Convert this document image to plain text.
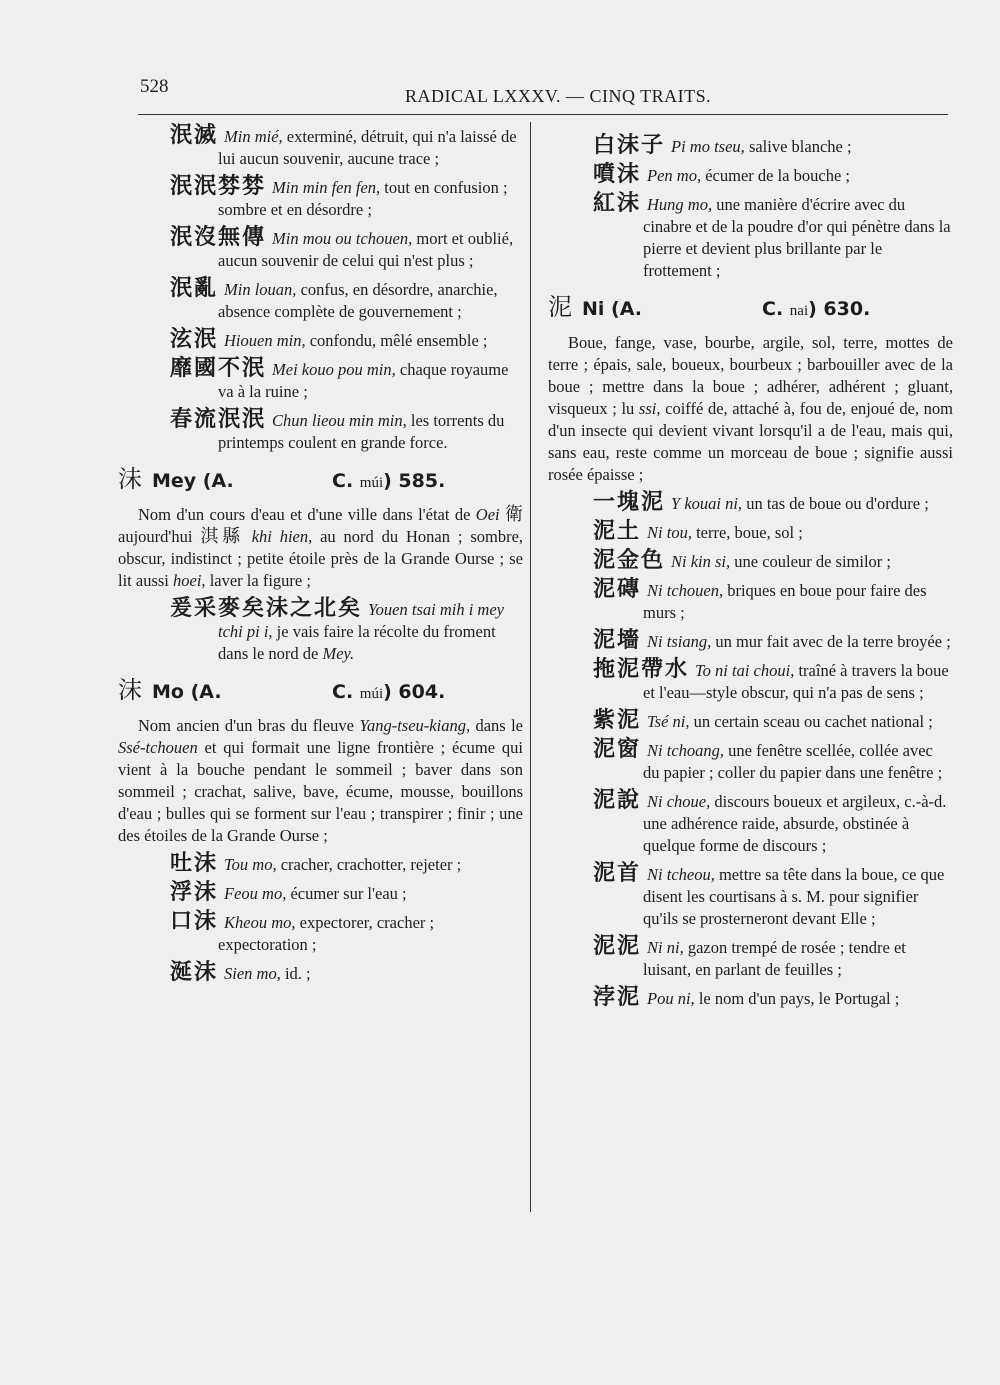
528	RADICAL LXXXV. — CINQ TRAITS.
泯滅 Min mié, exterminé, détruit, qui n'a laissé de lui aucun souvenir, aucune trace ;
泯泯棼棼 Min min fen fen, tout en confusion ; sombre et en désordre ;
泯沒無傳 Min mou ou tchouen, mort et oublié, aucun souvenir de celui qui n'est plus ;
泯亂 Min louan, confus, en désordre, anarchie, absence complète de gouvernement ;
泫泯 Hiouen min, confondu, mêlé ensemble ;
靡國不泯 Mei kouo pou min, chaque royaume va à la ruine ;
春流泯泯 Chun lieou min min, les torrents du printemps coulent en grande force.
沬 Mey (A.	C. múi) 585.
Nom d'un cours d'eau et d'une ville dans l'état de Oei 衛 aujourd'hui 淇縣 khi hien, au nord du Honan ; sombre, obscur, indistinct ; petite étoile près de la Grande Ourse ; se lit aussi hoei, laver la figure ;
爰采麥矣沬之北矣 Youen tsai mih i mey tchi pi i, je vais faire la récolte du froment dans le nord de Mey.
沫 Mo (A.	C. múi) 604.
Nom ancien d'un bras du fleuve Yang-tseu-kiang, dans le Ssé-tchouen et qui formait une ligne frontière ; écume qui vient à la bouche pendant le sommeil ; baver dans son sommeil ; crachat, salive, bave, écume, mousse, bouillons d'eau ; bulles qui se forment sur l'eau ; transpirer ; finir ; une des étoiles de la Grande Ourse ;
吐沫 Tou mo, cracher, crachotter, rejeter ;
浮沫 Feou mo, écumer sur l'eau ;
口沫 Kheou mo, expectorer, cracher ; expectoration ;
涎沫 Sien mo, id. ;
白沫子 Pi mo tseu, salive blanche ;
噴沫 Pen mo, écumer de la bouche ;
紅沫 Hung mo, une manière d'écrire avec du cinabre et de la poudre d'or qui pénètre dans la pierre et devient plus brillante par le frottement ;
泥 Ni (A.	C. nai) 630.
Boue, fange, vase, bourbe, argile, sol, terre, mottes de terre ; épais, sale, boueux, bourbeux ; barbouiller avec de la boue ; mettre dans la boue ; adhérer, adhérent ; gluant, visqueux ; lu ssi, coiffé de, attaché à, fou de, enjoué de, nom d'un insecte qui devient vivant lorsqu'il a de l'eau, mais qui, sans eau, reste comme un morceau de boue ; signifie aussi rosée épaisse ;
一塊泥 Y kouai ni, un tas de boue ou d'ordure ;
泥土 Ni tou, terre, boue, sol ;
泥金色 Ni kin si, une couleur de similor ;
泥磚 Ni tchouen, briques en boue pour faire des murs ;
泥墻 Ni tsiang, un mur fait avec de la terre broyée ;
拖泥帶水 To ni tai choui, traîné à travers la boue et l'eau—style obscur, qui n'a pas de sens ;
紫泥 Tsé ni, un certain sceau ou cachet national ;
泥窗 Ni tchoang, une fenêtre scellée, collée avec du papier ; coller du papier dans une fenêtre ;
泥說 Ni choue, discours boueux et argileux, c.-à-d. une adhérence raide, absurde, obstinée à quelque forme de discours ;
泥首 Ni tcheou, mettre sa tête dans la boue, ce que disent les courtisans à s. M. pour signifier qu'ils se prosterneront devant Elle ;
泥泥 Ni ni, gazon trempé de rosée ; tendre et luisant, en parlant de feuilles ;
浡泥 Pou ni, le nom d'un pays, le Portugal ;
